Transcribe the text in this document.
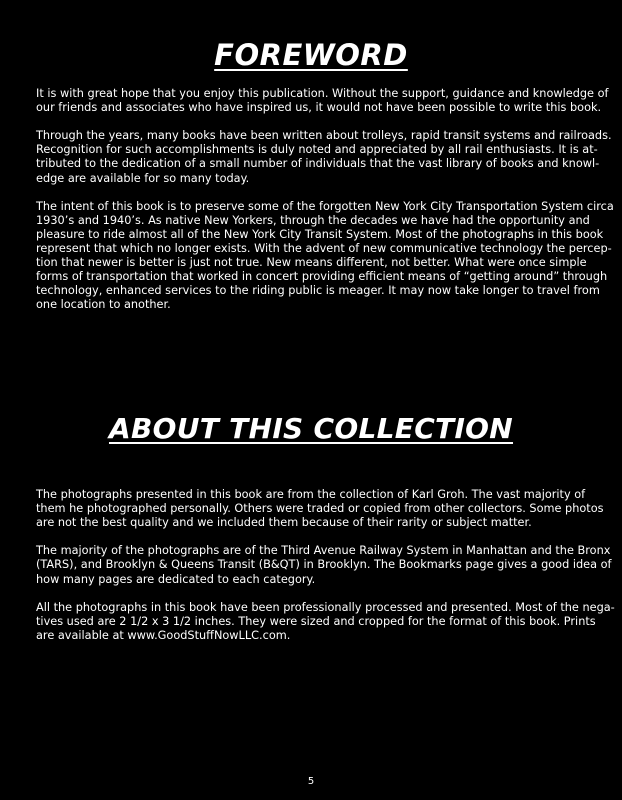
FOREWORD

It is with great hope that you enjoy this publication. Without the support, guidance and knowledge of
our friends and associates who have inspired us, it would not have been possible to write this book.

Through the years, many books have been written about trolleys, rapid transit systems and railroads.
Recognition for such accomplishments is duly noted and appreciated by all rail enthusiasts. It is at-
tributed to the dedication of a small number of individuals that the vast library of books and knowl-
edge are available for so many today.

The intent of this book is to preserve some of the forgotten New York City Transportation System circa
1930’s and 1940’s. As native New Yorkers, through the decades we have had the opportunity and
pleasure to ride almost all of the New York City Transit System. Most of the photographs in this book
represent that which no longer exists. With the advent of new communicative technology the percep-
tion that newer is better is just not true. New means different, not better. What were once simple
forms of transportation that worked in concert providing efficient means of “getting around” through
technology, enhanced services to the riding public is meager. It may now take longer to travel from
one location to another.

ABOUT THIS COLLECTION

The photographs presented in this book are from the collection of Karl Groh. The vast majority of
them he photographed personally. Others were traded or copied from other collectors. Some photos
are not the best quality and we included them because of their rarity or subject matter.

The majority of the photographs are of the Third Avenue Railway System in Manhattan and the Bronx
(TARS), and Brooklyn & Queens Transit (B&QT) in Brooklyn. The Bookmarks page gives a good idea of
how many pages are dedicated to each category.

All the photographs in this book have been professionally processed and presented. Most of the nega-
tives used are 2 1/2 x 3 1/2 inches. They were sized and cropped for the format of this book. Prints
are available at www.GoodStuffNowLLC.com.

5
